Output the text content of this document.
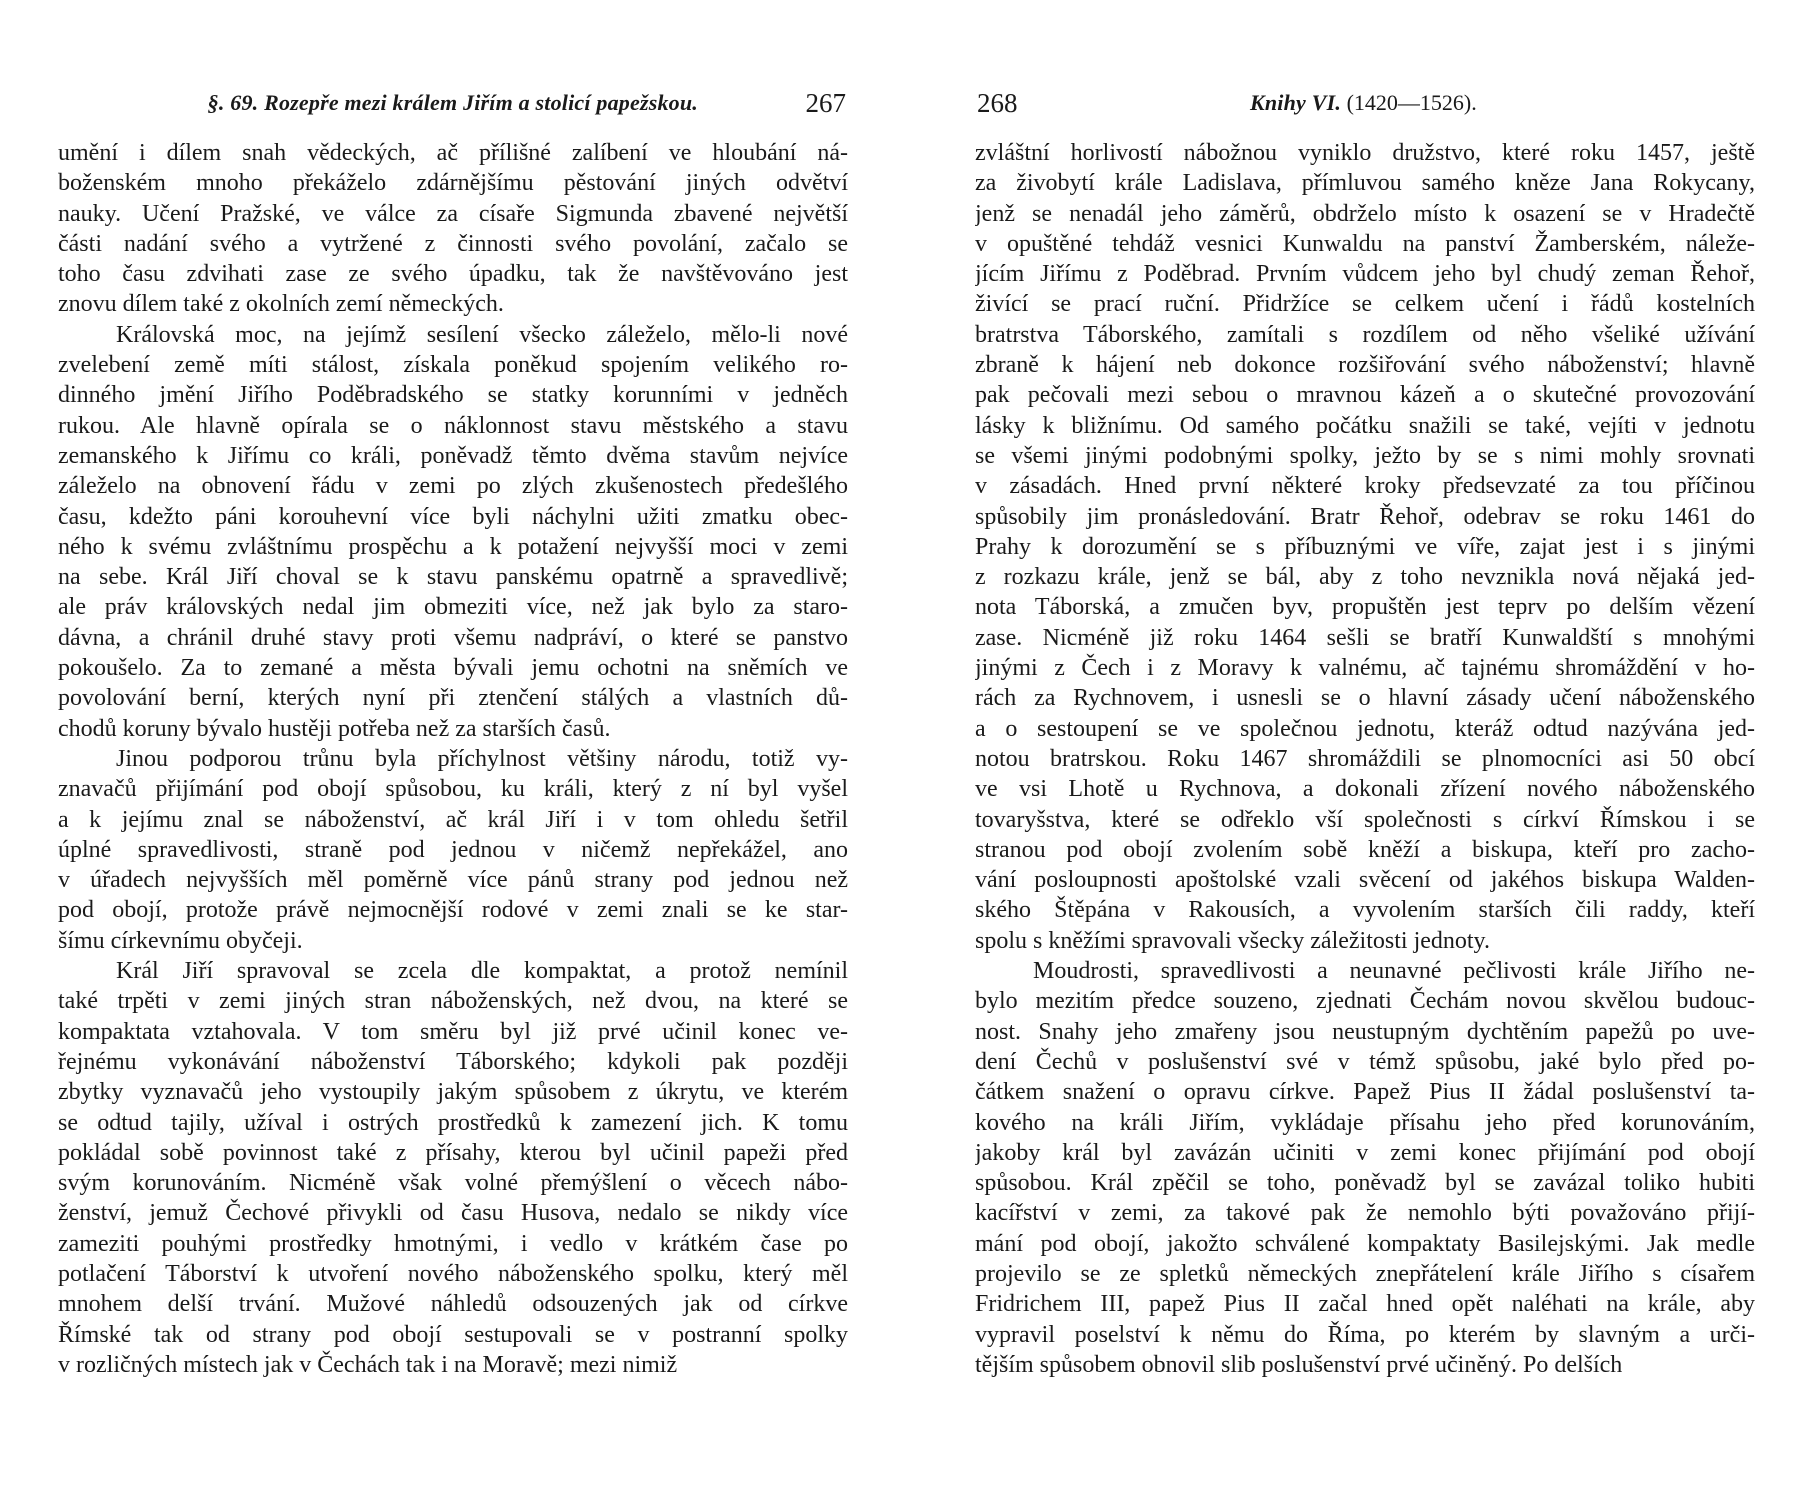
§. 69. Rozepře mezi králem Jiřím a stolicí papežskou.	267
umění i dílem snah vědeckých, ač přílišné zalíbení ve hloubání ná-
boženském mnoho překáželo zdárnějšímu pěstování jiných odvětví
nauky. Učení Pražské, ve válce za císaře Sigmunda zbavené největší
části nadání svého a vytržené z činnosti svého povolání, začalo se
toho času zdvihati zase ze svého úpadku, tak že navštěvováno jest
znovu dílem také z okolních zemí německých.
Královská moc, na jejímž sesílení všecko záleželo, mělo-li nové
zvelebení země míti stálost, získala poněkud spojením velikého ro-
dinného jmění Jiřího Poděbradského se statky korunními v jedněch
rukou. Ale hlavně opírala se o náklonnost stavu městského a stavu
zemanského k Jiřímu co králi, poněvadž těmto dvěma stavům nejvíce
záleželo na obnovení řádu v zemi po zlých zkušenostech předešlého
času, kdežto páni korouhevní více byli náchylni užiti zmatku obec-
ného k svému zvláštnímu prospěchu a k potažení nejvyšší moci v zemi
na sebe. Král Jiří choval se k stavu panskému opatrně a spravedlivě;
ale práv královských nedal jim obmeziti více, než jak bylo za staro-
dávna, a chránil druhé stavy proti všemu nadpráví, o které se panstvo
pokoušelo. Za to zemané a města bývali jemu ochotni na sněmích ve
povolování berní, kterých nyní při ztenčení stálých a vlastních dů-
chodů koruny bývalo hustěji potřeba než za starších časů.
Jinou podporou trůnu byla příchylnost většiny národu, totiž vy-
znavačů přijímání pod obojí spůsobou, ku králi, který z ní byl vyšel
a k jejímu znal se náboženství, ač král Jiří i v tom ohledu šetřil
úplné spravedlivosti, straně pod jednou v ničemž nepřekážel, ano
v úřadech nejvyšších měl poměrně více pánů strany pod jednou než
pod obojí, protože právě nejmocnější rodové v zemi znali se ke star-
šímu církevnímu obyčeji.
Král Jiří spravoval se zcela dle kompaktat, a protož nemínil
také trpěti v zemi jiných stran náboženských, než dvou, na které se
kompaktata vztahovala. V tom směru byl již prvé učinil konec ve-
řejnému vykonávání náboženství Táborského; kdykoli pak později
zbytky vyznavačů jeho vystoupily jakým spůsobem z úkrytu, ve kterém
se odtud tajily, užíval i ostrých prostředků k zamezení jich. K tomu
pokládal sobě povinnost také z přísahy, kterou byl učinil papeži před
svým korunováním. Nicméně však volné přemýšlení o věcech nábo-
ženství, jemuž Čechové přivykli od času Husova, nedalo se nikdy více
zameziti pouhými prostředky hmotnými, i vedlo v krátkém čase po
potlačení Táborství k utvoření nového náboženského spolku, který měl
mnohem delší trvání. Mužové náhledů odsouzených jak od církve
Římské tak od strany pod obojí sestupovali se v postranní spolky
v rozličných místech jak v Čechách tak i na Moravě; mezi nimiž
268	Knihy VI. (1420—1526).
zvláštní horlivostí nábožnou vyniklo družstvo, které roku 1457, ještě
za živobytí krále Ladislava, přímluvou samého kněze Jana Rokycany,
jenž se nenadál jeho záměrů, obdrželo místo k osazení se v Hradečtě
v opuštěné tehdáž vesnici Kunwaldu na panství Žamberském, náleže-
jícím Jiřímu z Poděbrad. Prvním vůdcem jeho byl chudý zeman Řehoř,
živící se prací ruční. Přidržíce se celkem učení i řádů kostelních
bratrstva Táborského, zamítali s rozdílem od něho všeliké užívání
zbraně k hájení neb dokonce rozšiřování svého náboženství; hlavně
pak pečovali mezi sebou o mravnou kázeň a o skutečné provozování
lásky k bližnímu. Od samého počátku snažili se také, vejíti v jednotu
se všemi jinými podobnými spolky, ježto by se s nimi mohly srovnati
v zásadách. Hned první některé kroky předsevzaté za tou příčinou
spůsobily jim pronásledování. Bratr Řehoř, odebrav se roku 1461 do
Prahy k dorozumění se s příbuznými ve víře, zajat jest i s jinými
z rozkazu krále, jenž se bál, aby z toho nevznikla nová nějaká jed-
nota Táborská, a zmučen byv, propuštěn jest teprv po delším vězení
zase. Nicméně již roku 1464 sešli se bratří Kunwaldští s mnohými
jinými z Čech i z Moravy k valnému, ač tajnému shromáždění v ho-
rách za Rychnovem, i usnesli se o hlavní zásady učení náboženského
a o sestoupení se ve společnou jednotu, kteráž odtud nazývána jed-
notou bratrskou. Roku 1467 shromáždili se plnomocníci asi 50 obcí
ve vsi Lhotě u Rychnova, a dokonali zřízení nového náboženského
tovaryšstva, které se odřeklo vší společnosti s církví Římskou i se
stranou pod obojí zvolením sobě kněží a biskupa, kteří pro zacho-
vání posloupnosti apoštolské vzali svěcení od jakéhos biskupa Walden-
ského Štěpána v Rakousích, a vyvolením starších čili raddy, kteří
spolu s kněžími spravovali všecky záležitosti jednoty.
Moudrosti, spravedlivosti a neunavné pečlivosti krále Jiřího ne-
bylo mezitím předce souzeno, zjednati Čechám novou skvělou budouc-
nost. Snahy jeho zmařeny jsou neustupným dychtěním papežů po uve-
dení Čechů v poslušenství své v témž spůsobu, jaké bylo před po-
čátkem snažení o opravu církve. Papež Pius II žádal poslušenství ta-
kového na králi Jiřím, vykládaje přísahu jeho před korunováním,
jakoby král byl zavázán učiniti v zemi konec přijímání pod obojí
spůsobou. Král zpěčil se toho, poněvadž byl se zavázal toliko hubiti
kacířství v zemi, za takové pak že nemohlo býti považováno přijí-
mání pod obojí, jakožto schválené kompaktaty Basilejskými. Jak medle
projevilo se ze spletků německých znepřátelení krále Jiřího s císařem
Fridrichem III, papež Pius II začal hned opět naléhati na krále, aby
vypravil poselství k němu do Říma, po kterém by slavným a urči-
tějším spůsobem obnovil slib poslušenství prvé učiněný. Po delších
